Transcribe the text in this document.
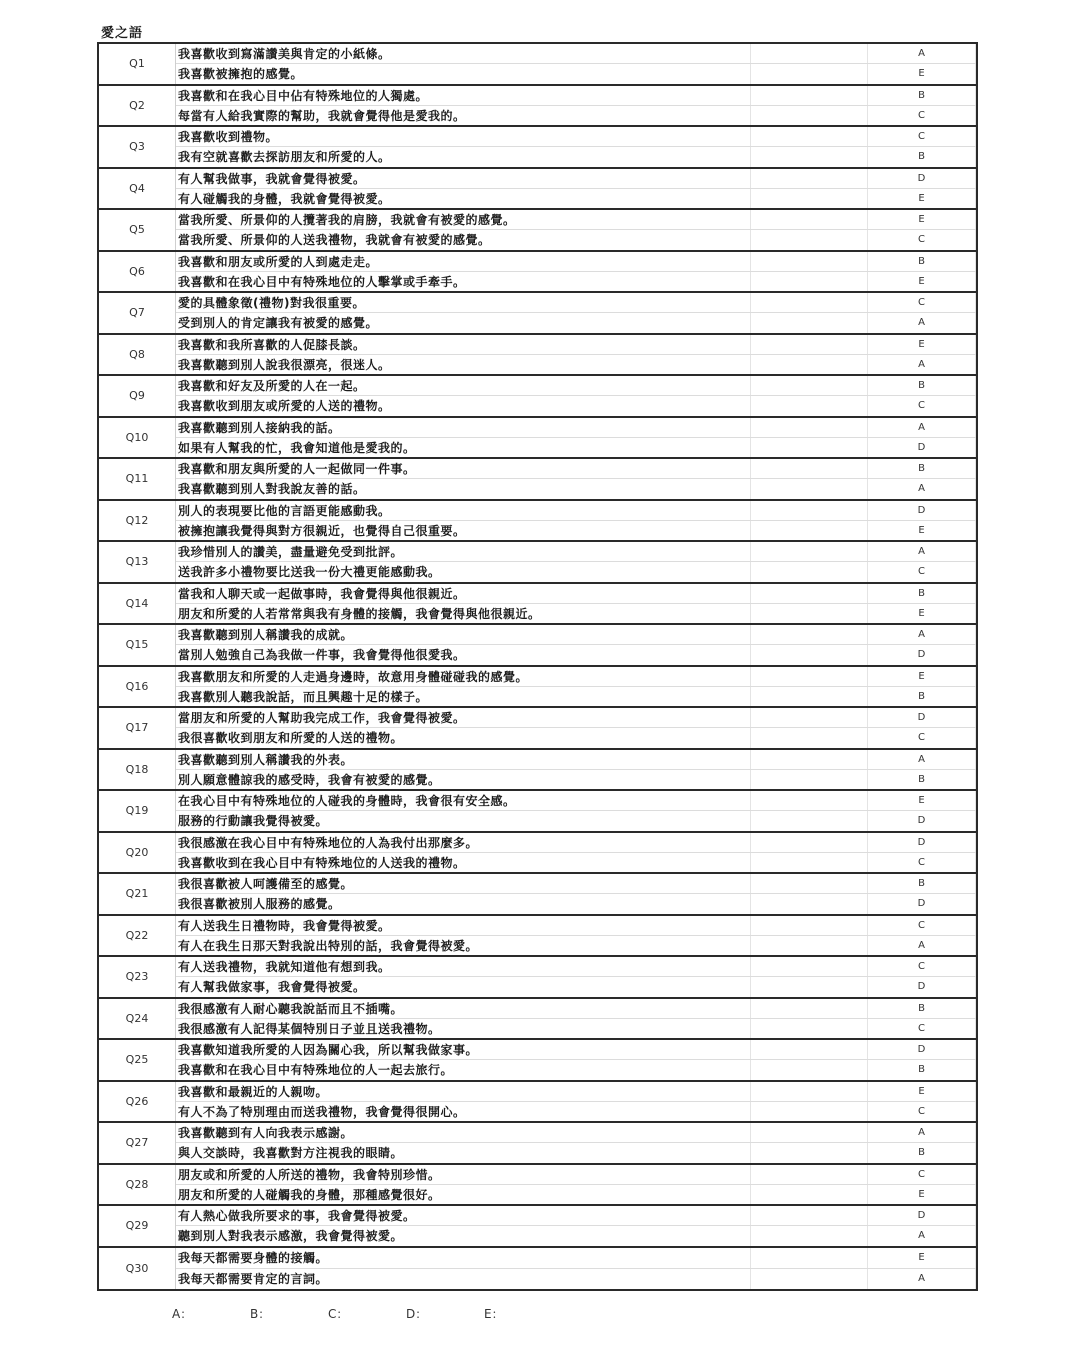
愛之語
Q1
我喜歡收到寫滿讚美與肯定的小紙條。	A
我喜歡被擁抱的感覺。	E
Q2
我喜歡和在我心目中佔有特殊地位的人獨處。	B
每當有人給我實際的幫助，我就會覺得他是愛我的。	C
Q3
我喜歡收到禮物。	C
我有空就喜歡去探訪朋友和所愛的人。	B
Q4
有人幫我做事，我就會覺得被愛。	D
有人碰觸我的身體，我就會覺得被愛。	E
Q5
當我所愛、所景仰的人攬著我的肩膀，我就會有被愛的感覺。	E
當我所愛、所景仰的人送我禮物，我就會有被愛的感覺。	C
Q6
我喜歡和朋友或所愛的人到處走走。	B
我喜歡和在我心目中有特殊地位的人擊掌或手牽手。	E
Q7
愛的具體象徵(禮物)對我很重要。	C
受到別人的肯定讓我有被愛的感覺。	A
Q8
我喜歡和我所喜歡的人促膝長談。	E
我喜歡聽到別人說我很漂亮，很迷人。	A
Q9
我喜歡和好友及所愛的人在一起。	B
我喜歡收到朋友或所愛的人送的禮物。	C
Q10
我喜歡聽到別人接納我的話。	A
如果有人幫我的忙，我會知道他是愛我的。	D
Q11
我喜歡和朋友與所愛的人一起做同一件事。	B
我喜歡聽到別人對我說友善的話。	A
Q12
別人的表現要比他的言語更能感動我。	D
被擁抱讓我覺得與對方很親近，也覺得自己很重要。	E
Q13
我珍惜別人的讚美，盡量避免受到批評。	A
送我許多小禮物要比送我一份大禮更能感動我。	C
Q14
當我和人聊天或一起做事時，我會覺得與他很親近。	B
朋友和所愛的人若常常與我有身體的接觸，我會覺得與他很親近。	E
Q15
我喜歡聽到別人稱讚我的成就。	A
當別人勉強自己為我做一件事，我會覺得他很愛我。	D
Q16
我喜歡朋友和所愛的人走過身邊時，故意用身體碰碰我的感覺。	E
我喜歡別人聽我說話，而且興趣十足的樣子。	B
Q17
當朋友和所愛的人幫助我完成工作，我會覺得被愛。	D
我很喜歡收到朋友和所愛的人送的禮物。	C
Q18
我喜歡聽到別人稱讚我的外表。	A
別人願意體諒我的感受時，我會有被愛的感覺。	B
Q19
在我心目中有特殊地位的人碰我的身體時，我會很有安全感。	E
服務的行動讓我覺得被愛。	D
Q20
我很感激在我心目中有特殊地位的人為我付出那麼多。	D
我喜歡收到在我心目中有特殊地位的人送我的禮物。	C
Q21
我很喜歡被人呵護備至的感覺。	B
我很喜歡被別人服務的感覺。	D
Q22
有人送我生日禮物時，我會覺得被愛。	C
有人在我生日那天對我說出特別的話，我會覺得被愛。	A
Q23
有人送我禮物，我就知道他有想到我。	C
有人幫我做家事，我會覺得被愛。	D
Q24
我很感激有人耐心聽我說話而且不插嘴。	B
我很感激有人記得某個特別日子並且送我禮物。	C
Q25
我喜歡知道我所愛的人因為關心我，所以幫我做家事。	D
我喜歡和在我心目中有特殊地位的人一起去旅行。	B
Q26
我喜歡和最親近的人親吻。	E
有人不為了特別理由而送我禮物，我會覺得很開心。	C
Q27
我喜歡聽到有人向我表示感謝。	A
與人交談時，我喜歡對方注視我的眼睛。	B
Q28
朋友或和所愛的人所送的禮物，我會特別珍惜。	C
朋友和所愛的人碰觸我的身體，那種感覺很好。	E
Q29
有人熱心做我所要求的事，我會覺得被愛。	D
聽到別人對我表示感激，我會覺得被愛。	A
Q30
我每天都需要身體的接觸。	E
我每天都需要肯定的言詞。	A
A：	B：	C：	D：	E：
